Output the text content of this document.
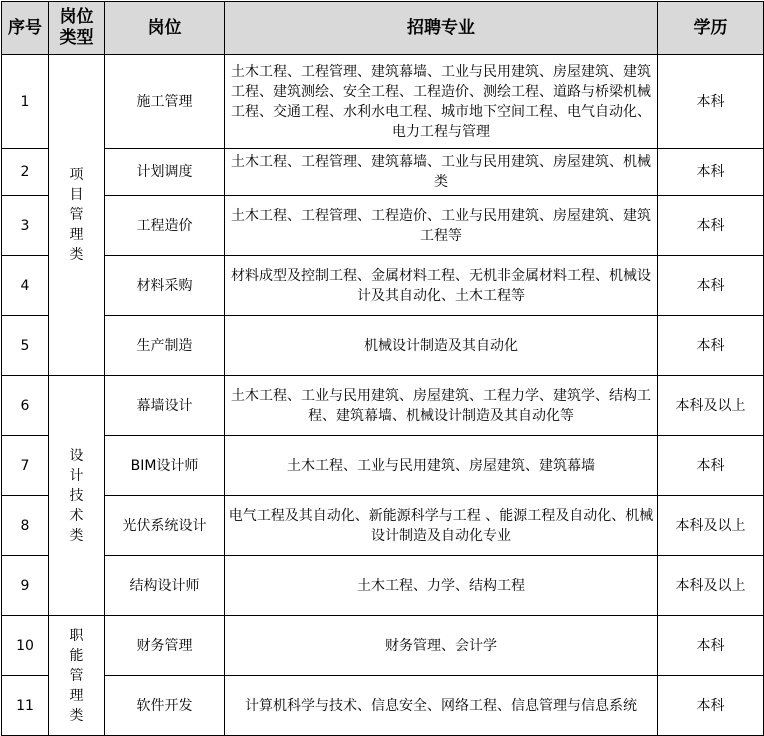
序号	岗位类型	岗位	招聘专业	学历
1	项目管理类	施工管理	土木工程、工程管理、建筑幕墙、工业与民用建筑、房屋建筑、建筑工程、建筑测绘、安全工程、工程造价、测绘工程、道路与桥梁机械工程、交通工程、水利水电工程、城市地下空间工程、电气自动化、电力工程与管理	本科
2		计划调度	土木工程、工程管理、建筑幕墙、工业与民用建筑、房屋建筑、机械类	本科
3		工程造价	土木工程、工程管理、工程造价、工业与民用建筑、房屋建筑、建筑工程等	本科
4		材料采购	材料成型及控制工程、金属材料工程、无机非金属材料工程、机械设计及其自动化、土木工程等	本科
5		生产制造	机械设计制造及其自动化	本科
6	设计技术类	幕墙设计	土木工程、工业与民用建筑、房屋建筑、工程力学、建筑学、结构工程、建筑幕墙、机械设计制造及其自动化等	本科及以上
7		BIM设计师	土木工程、工业与民用建筑、房屋建筑、建筑幕墙	本科
8		光伏系统设计	电气工程及其自动化、新能源科学与工程 、能源工程及自动化、机械设计制造及自动化专业	本科及以上
9		结构设计师	土木工程、力学、结构工程	本科及以上
10	职能管理类	财务管理	财务管理、会计学	本科
11		软件开发	计算机科学与技术、信息安全、网络工程、信息管理与信息系统	本科
